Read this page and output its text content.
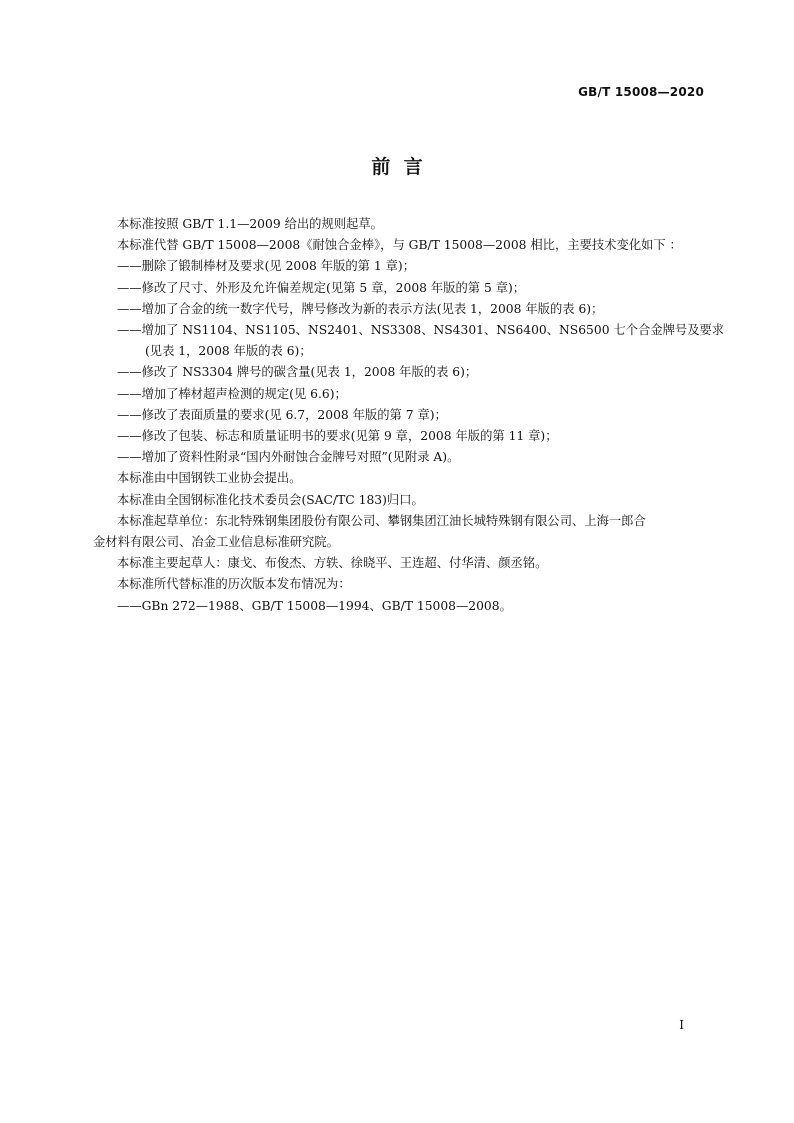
GB/T 15008—2020
前  言

本标准按照 GB/T 1.1—2009 给出的规则起草。

本标准代替 GB/T 15008—2008《耐蚀合金棒》，与 GB/T 15008—2008 相比，主要技术变化如下 ：

——删除了锻制棒材及要求(见 2008 年版的第 1 章)；

——修改了尺寸、外形及允许偏差规定(见第 5 章，2008 年版的第 5 章)；

——增加了合金的统一数字代号，牌号修改为新的表示方法(见表 1，2008 年版的表 6)；

——增加了 NS1104、NS1105、NS2401、NS3308、NS4301、NS6400、NS6500 七个合金牌号及要求

(见表 1，2008 年版的表 6)；

——修改了 NS3304 牌号的碳含量(见表 1，2008 年版的表 6)；

——增加了棒材超声检测的规定(见 6.6)；

——修改了表面质量的要求(见 6.7，2008 年版的第 7 章)；

——修改了包装、标志和质量证明书的要求(见第 9 章，2008 年版的第 11 章)；

——增加了资料性附录“国内外耐蚀合金牌号对照”(见附录 A)。

本标准由中国钢铁工业协会提出。

本标准由全国钢标准化技术委员会(SAC/TC 183)归口。

本标准起草单位：东北特殊钢集团股份有限公司、攀钢集团江油长城特殊钢有限公司、上海一郎合

金材料有限公司、冶金工业信息标准研究院。

本标准主要起草人：康戈、布俊杰、方轶、徐晓平、王连超、付华清、颜丞铭。

本标准所代替标准的历次版本发布情况为：

——GBn 272—1988、GB/T 15008—1994、GB/T 15008—2008。

I
